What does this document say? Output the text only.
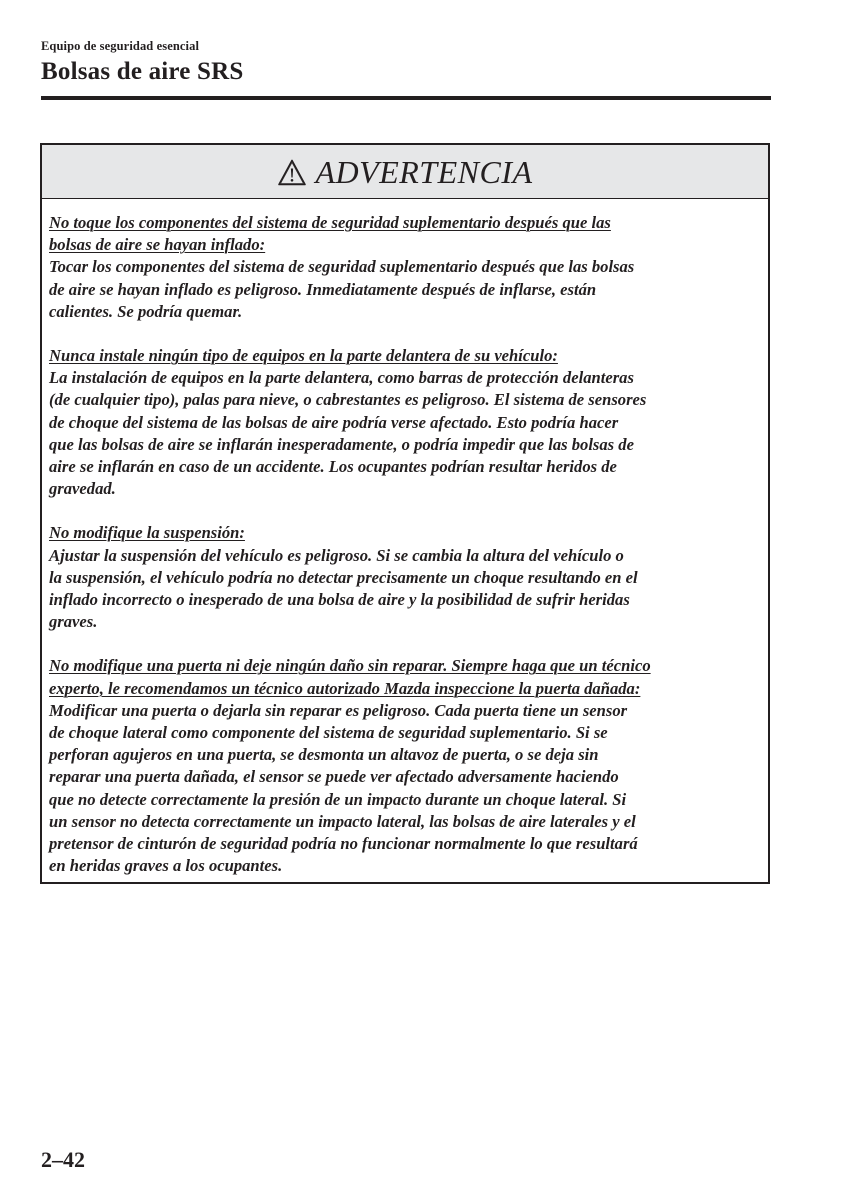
Equipo de seguridad esencial
Bolsas de aire SRS
ADVERTENCIA
No toque los componentes del sistema de seguridad suplementario después que las
bolsas de aire se hayan inflado:
Tocar los componentes del sistema de seguridad suplementario después que las bolsas
de aire se hayan inflado es peligroso. Inmediatamente después de inflarse, están
calientes. Se podría quemar.
Nunca instale ningún tipo de equipos en la parte delantera de su vehículo:
La instalación de equipos en la parte delantera, como barras de protección delanteras
(de cualquier tipo), palas para nieve, o cabrestantes es peligroso. El sistema de sensores
de choque del sistema de las bolsas de aire podría verse afectado. Esto podría hacer
que las bolsas de aire se inflarán inesperadamente, o podría impedir que las bolsas de
aire se inflarán en caso de un accidente. Los ocupantes podrían resultar heridos de
gravedad.
No modifique la suspensión:
Ajustar la suspensión del vehículo es peligroso. Si se cambia la altura del vehículo o
la suspensión, el vehículo podría no detectar precisamente un choque resultando en el
inflado incorrecto o inesperado de una bolsa de aire y la posibilidad de sufrir heridas
graves.
No modifique una puerta ni deje ningún daño sin reparar. Siempre haga que un técnico
experto, le recomendamos un técnico autorizado Mazda inspeccione la puerta dañada:
Modificar una puerta o dejarla sin reparar es peligroso. Cada puerta tiene un sensor
de choque lateral como componente del sistema de seguridad suplementario. Si se
perforan agujeros en una puerta, se desmonta un altavoz de puerta, o se deja sin
reparar una puerta dañada, el sensor se puede ver afectado adversamente haciendo
que no detecte correctamente la presión de un impacto durante un choque lateral. Si
un sensor no detecta correctamente un impacto lateral, las bolsas de aire laterales y el
pretensor de cinturón de seguridad podría no funcionar normalmente lo que resultará
en heridas graves a los ocupantes.
2–42
